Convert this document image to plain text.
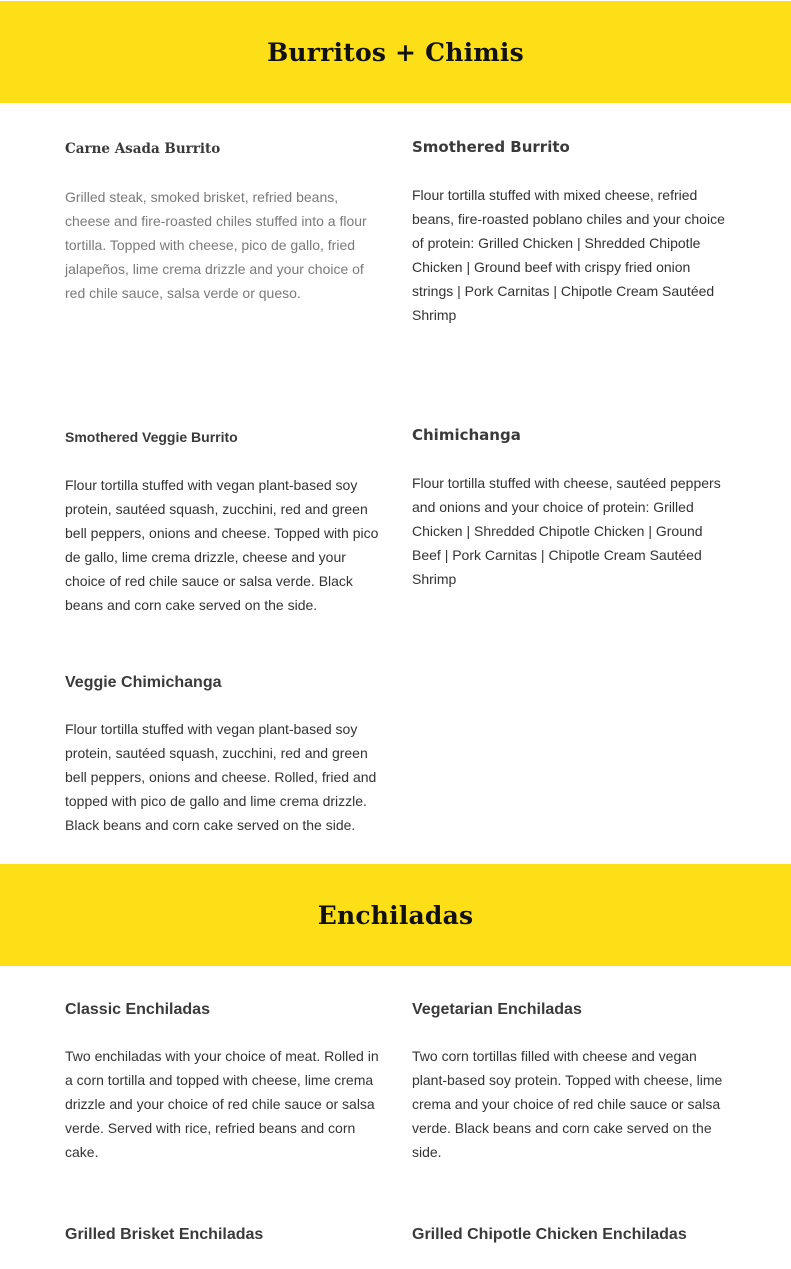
Burritos + Chimis
Carne Asada Burrito

Grilled steak, smoked brisket, refried beans, cheese and fire-roasted chiles stuffed into a flour tortilla. Topped with cheese, pico de gallo, fried jalapeños, lime crema drizzle and your choice of red chile sauce, salsa verde or queso.

Smothered Burrito

Flour tortilla stuffed with mixed cheese, refried beans, fire-roasted poblano chiles and your choice of protein: Grilled Chicken | Shredded Chipotle Chicken | Ground beef with crispy fried onion strings | Pork Carnitas | Chipotle Cream Sautéed Shrimp

Smothered Veggie Burrito

Flour tortilla stuffed with vegan plant-based soy protein, sautéed squash, zucchini, red and green bell peppers, onions and cheese. Topped with pico de gallo, lime crema drizzle, cheese and your choice of red chile sauce or salsa verde. Black beans and corn cake served on the side.

Chimichanga

Flour tortilla stuffed with cheese, sautéed peppers and onions and your choice of protein: Grilled Chicken | Shredded Chipotle Chicken | Ground Beef | Pork Carnitas | Chipotle Cream Sautéed Shrimp

Veggie Chimichanga

Flour tortilla stuffed with vegan plant-based soy protein, sautéed squash, zucchini, red and green bell peppers, onions and cheese. Rolled, fried and topped with pico de gallo and lime crema drizzle. Black beans and corn cake served on the side.

Enchiladas
Classic Enchiladas

Two enchiladas with your choice of meat. Rolled in a corn tortilla and topped with cheese, lime crema drizzle and your choice of red chile sauce or salsa verde. Served with rice, refried beans and corn cake.

Vegetarian Enchiladas

Two corn tortillas filled with cheese and vegan plant-based soy protein. Topped with cheese, lime crema and your choice of red chile sauce or salsa verde. Black beans and corn cake served on the side.

Grilled Brisket Enchiladas	Grilled Chipotle Chicken Enchiladas
